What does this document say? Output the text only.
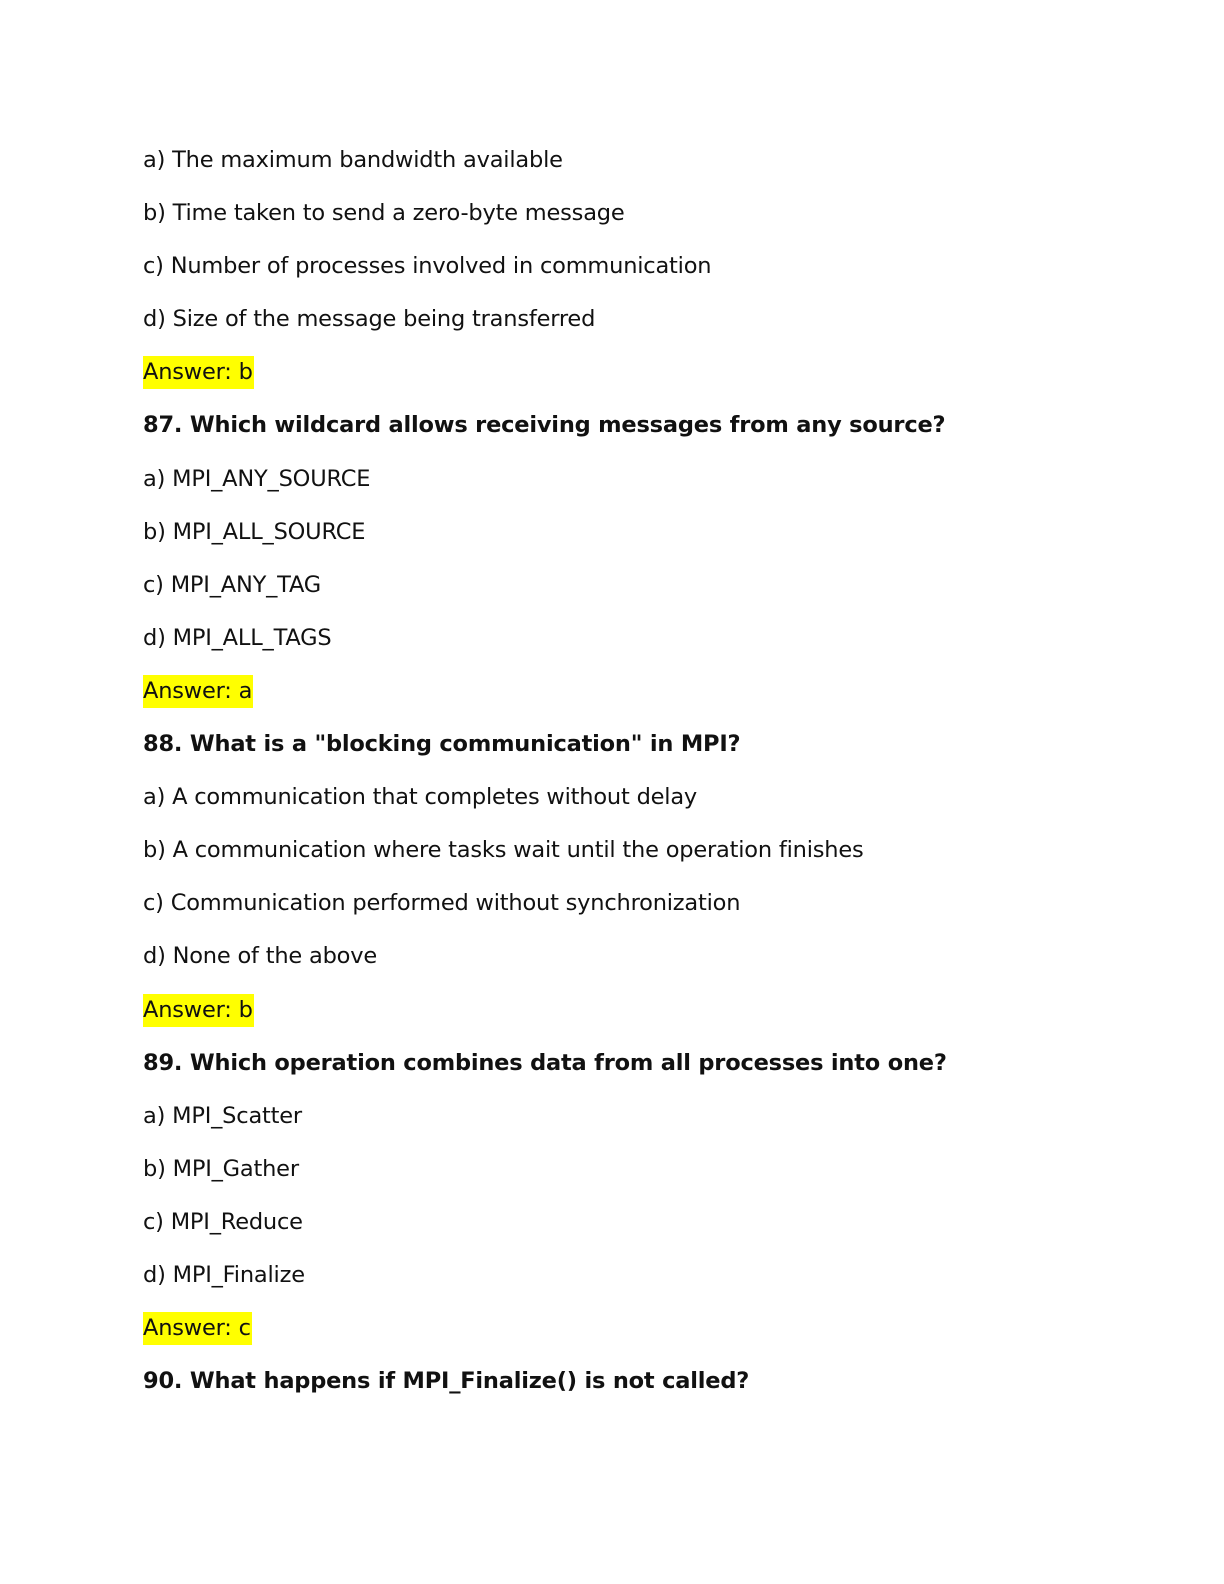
a) The maximum bandwidth available
b) Time taken to send a zero-byte message
c) Number of processes involved in communication
d) Size of the message being transferred
Answer: b
87. Which wildcard allows receiving messages from any source?
a) MPI_ANY_SOURCE
b) MPI_ALL_SOURCE
c) MPI_ANY_TAG
d) MPI_ALL_TAGS
Answer: a
88. What is a "blocking communication" in MPI?
a) A communication that completes without delay
b) A communication where tasks wait until the operation finishes
c) Communication performed without synchronization
d) None of the above
Answer: b
89. Which operation combines data from all processes into one?
a) MPI_Scatter
b) MPI_Gather
c) MPI_Reduce
d) MPI_Finalize
Answer: c
90. What happens if MPI_Finalize() is not called?
